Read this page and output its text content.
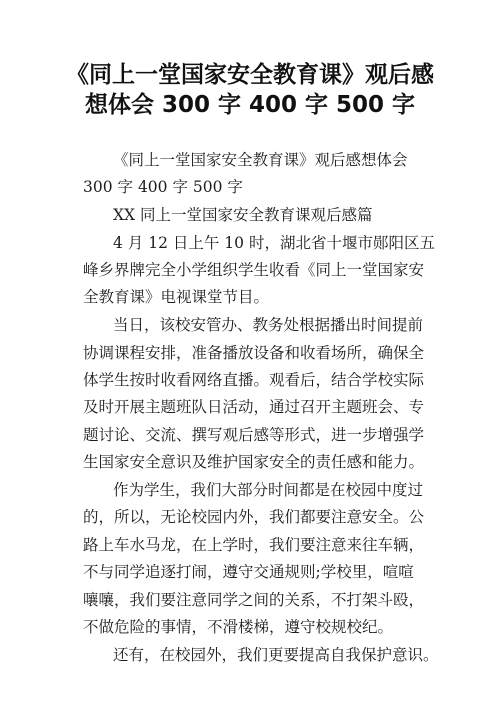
《同上一堂国家安全教育课》观后感
想体会 300 字 400 字 500 字
《同上一堂国家安全教育课》观后感想体会
300 字 400 字 500 字
XX 同上一堂国家安全教育课观后感篇
4 月 12 日上午 10 时，湖北省十堰市郧阳区五
峰乡界牌完全小学组织学生收看《同上一堂国家安
全教育课》电视课堂节目。
当日，该校安管办、教务处根据播出时间提前
协调课程安排，准备播放设备和收看场所，确保全
体学生按时收看网络直播。观看后，结合学校实际
及时开展主题班队日活动，通过召开主题班会、专
题讨论、交流、撰写观后感等形式，进一步增强学
生国家安全意识及维护国家安全的责任感和能力。
作为学生，我们大部分时间都是在校园中度过
的，所以，无论校园内外，我们都要注意安全。公
路上车水马龙，在上学时，我们要注意来往车辆，
不与同学追逐打闹，遵守交通规则;学校里，喧喧
嚷嚷，我们要注意同学之间的关系，不打架斗殴，
不做危险的事情，不滑楼梯，遵守校规校纪。
还有，在校园外，我们更要提高自我保护意识。
